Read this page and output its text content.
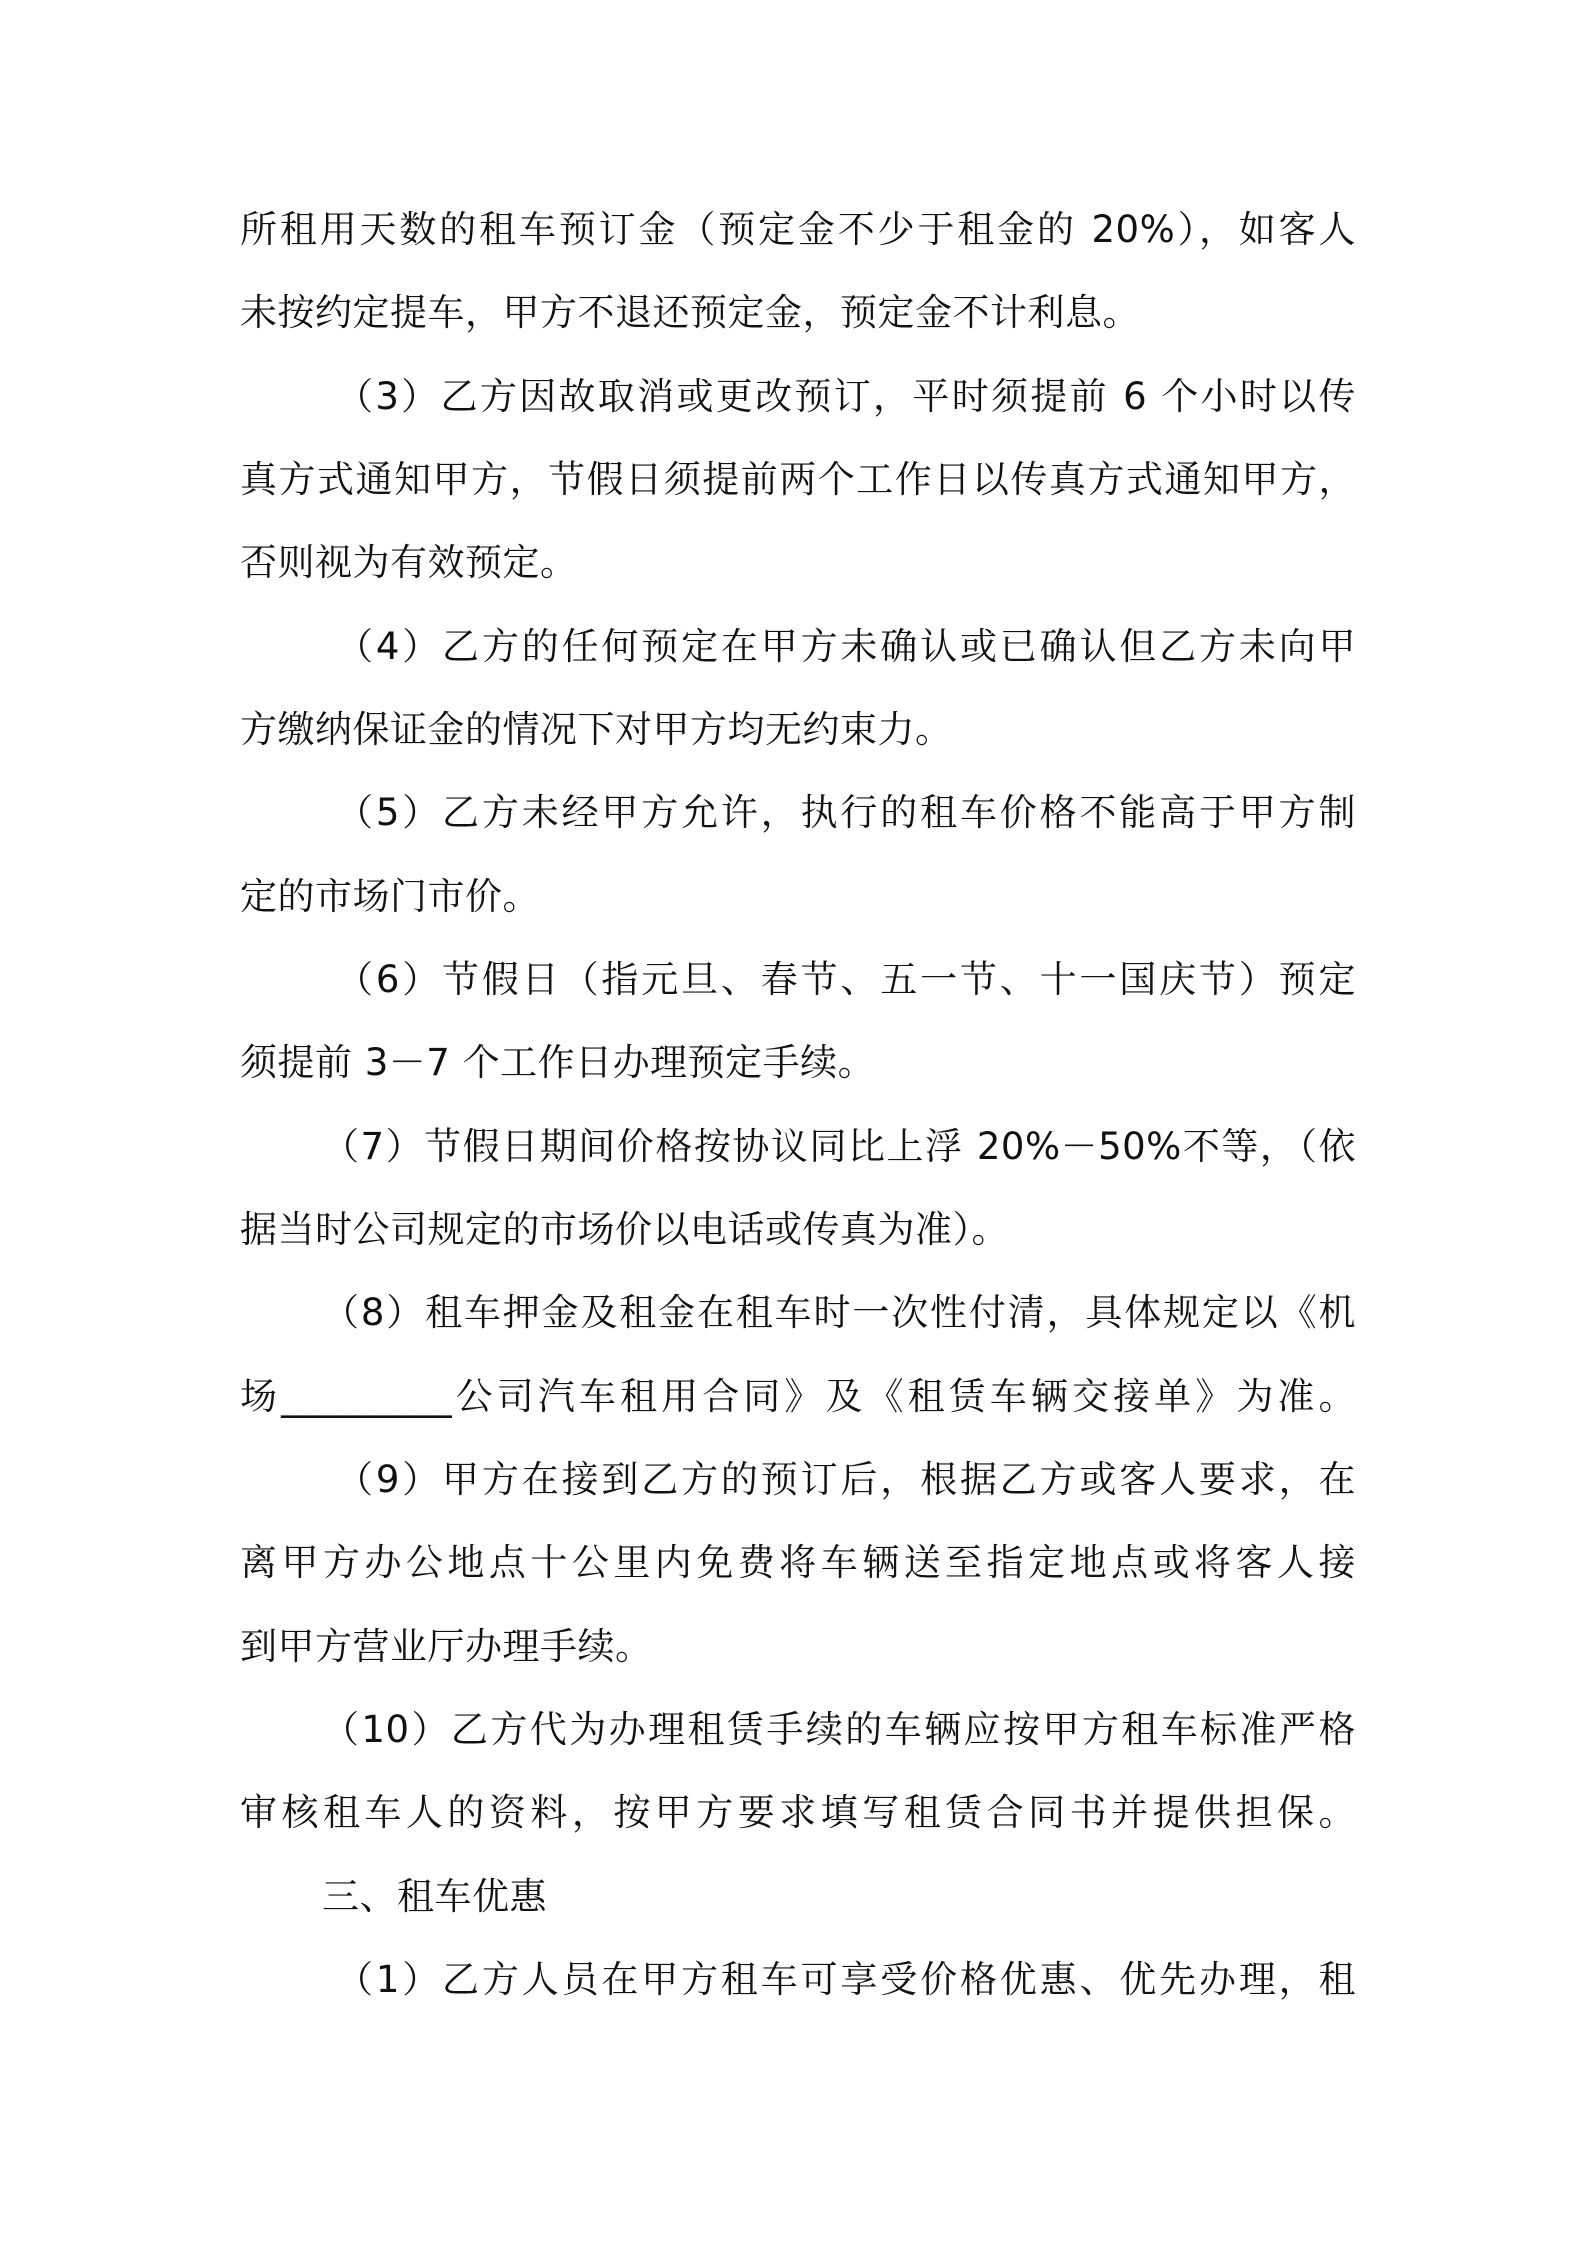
所租用天数的租车预订金（预定金不少于租金的 20%），如客人
未按约定提车，甲方不退还预定金，预定金不计利息。
（3）乙方因故取消或更改预订，平时须提前 6 个小时以传
真方式通知甲方，节假日须提前两个工作日以传真方式通知甲方，
否则视为有效预定。
（4）乙方的任何预定在甲方未确认或已确认但乙方未向甲
方缴纳保证金的情况下对甲方均无约束力。
（5）乙方未经甲方允许，执行的租车价格不能高于甲方制
定的市场门市价。
（6）节假日（指元旦、春节、五一节、十一国庆节）预定
须提前 3－7 个工作日办理预定手续。
（7）节假日期间价格按协议同比上浮 20%－50%不等，（依
据当时公司规定的市场价以电话或传真为准）。
（8）租车押金及租金在租车时一次性付清，具体规定以《机
场_________公司汽车租用合同》及《租赁车辆交接单》为准。
（9）甲方在接到乙方的预订后，根据乙方或客人要求，在
离甲方办公地点十公里内免费将车辆送至指定地点或将客人接
到甲方营业厅办理手续。
（10）乙方代为办理租赁手续的车辆应按甲方租车标准严格
审核租车人的资料，按甲方要求填写租赁合同书并提供担保。
三、租车优惠
（1）乙方人员在甲方租车可享受价格优惠、优先办理，租
